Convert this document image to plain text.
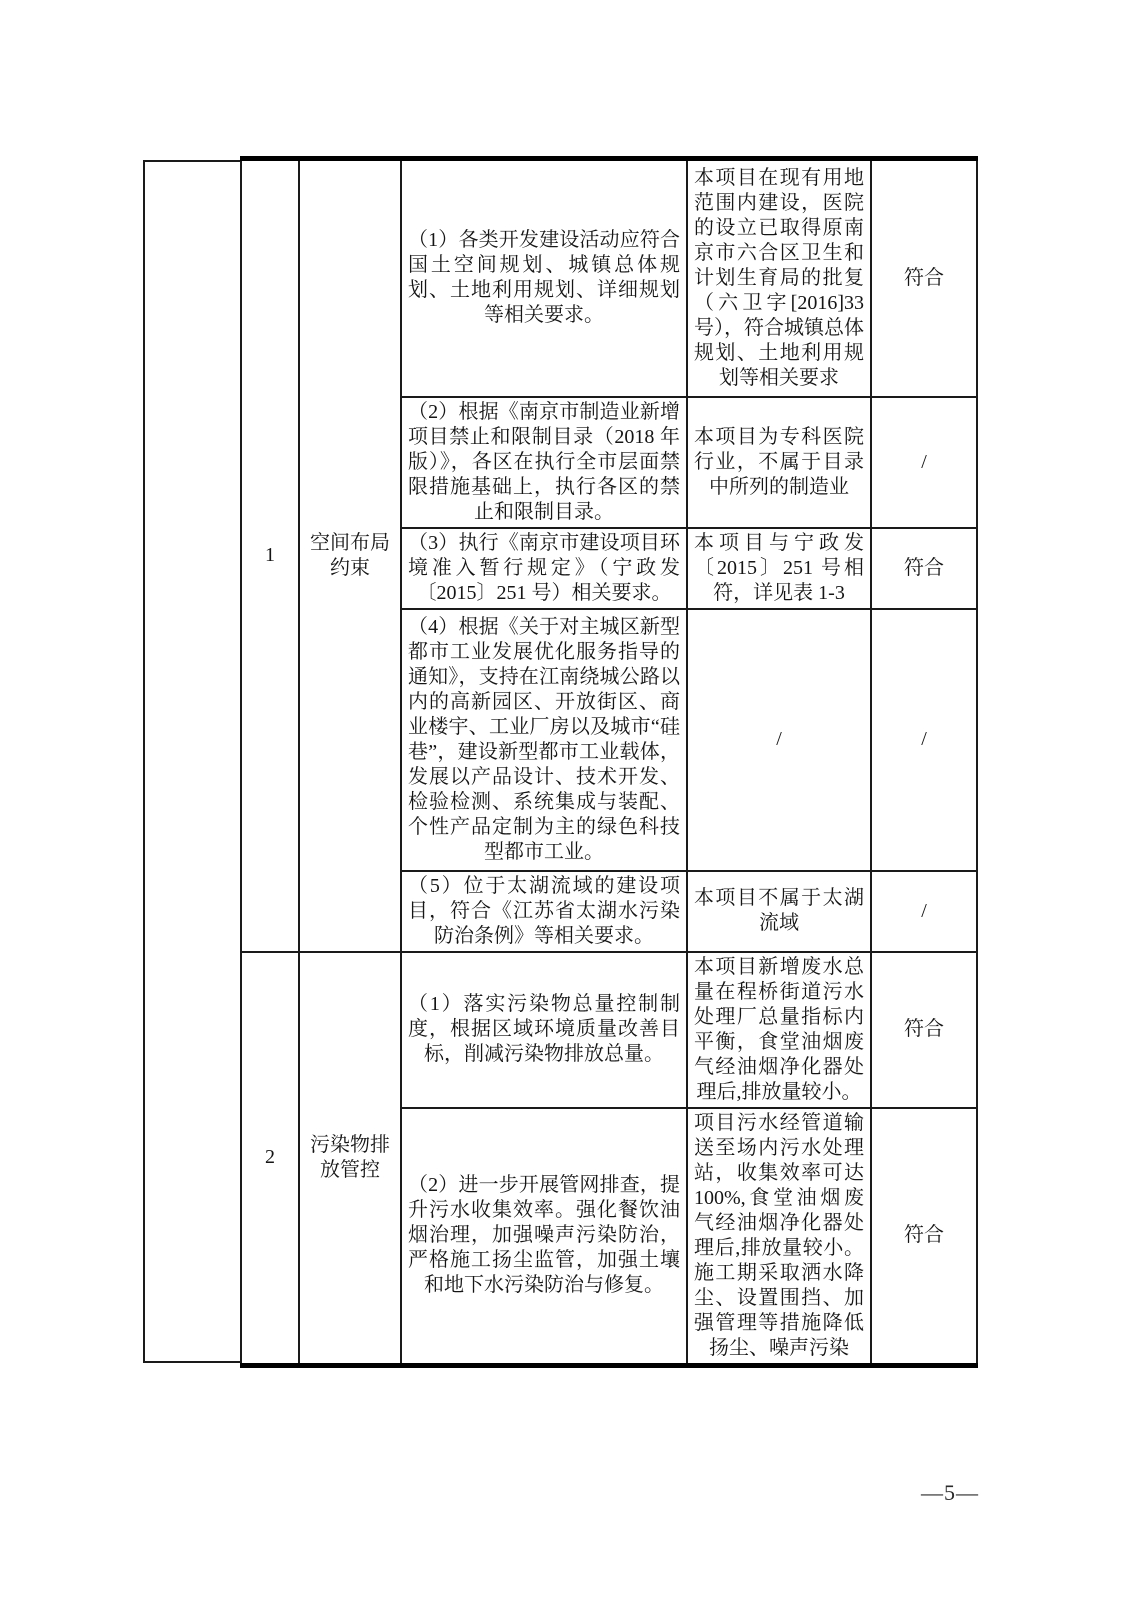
1	空间布局约束	（1）各类开发建设活动应符合国土空间规划、城镇总体规划、土地利用规划、详细规划等相关要求。	本项目在现有用地范围内建设，医院的设立已取得原南京市六合区卫生和计划生育局的批复（六卫字[2016]33号），符合城镇总体规划、土地利用规划等相关要求	符合
		（2）根据《南京市制造业新增项目禁止和限制目录（2018 年版）》，各区在执行全市层面禁限措施基础上，执行各区的禁止和限制目录。	本项目为专科医院行业，不属于目录中所列的制造业	/
		（3）执行《南京市建设项目环境准入暂行规定》（宁政发〔2015〕251 号）相关要求。	本项目与宁政发〔2015〕251 号相符，详见表 1-3	符合
		（4）根据《关于对主城区新型都市工业发展优化服务指导的通知》，支持在江南绕城公路以内的高新园区、开放街区、商业楼宇、工业厂房以及城市“硅巷”，建设新型都市工业载体，发展以产品设计、技术开发、检验检测、系统集成与装配、个性产品定制为主的绿色科技型都市工业。	/	/
		（5）位于太湖流域的建设项目，符合《江苏省太湖水污染防治条例》等相关要求。	本项目不属于太湖流域	/
2	污染物排放管控	（1）落实污染物总量控制制度，根据区域环境质量改善目标，削减污染物排放总量。	本项目新增废水总量在程桥街道污水处理厂总量指标内平衡，食堂油烟废气经油烟净化器处理后,排放量较小。	符合
		（2）进一步开展管网排查，提升污水收集效率。强化餐饮油烟治理，加强噪声污染防治，严格施工扬尘监管，加强土壤和地下水污染防治与修复。	项目污水经管道输送至场内污水处理站，收集效率可达100%,食堂油烟废气经油烟净化器处理后,排放量较小。施工期采取洒水降尘、设置围挡、加强管理等措施降低扬尘、噪声污染	符合
—5—
